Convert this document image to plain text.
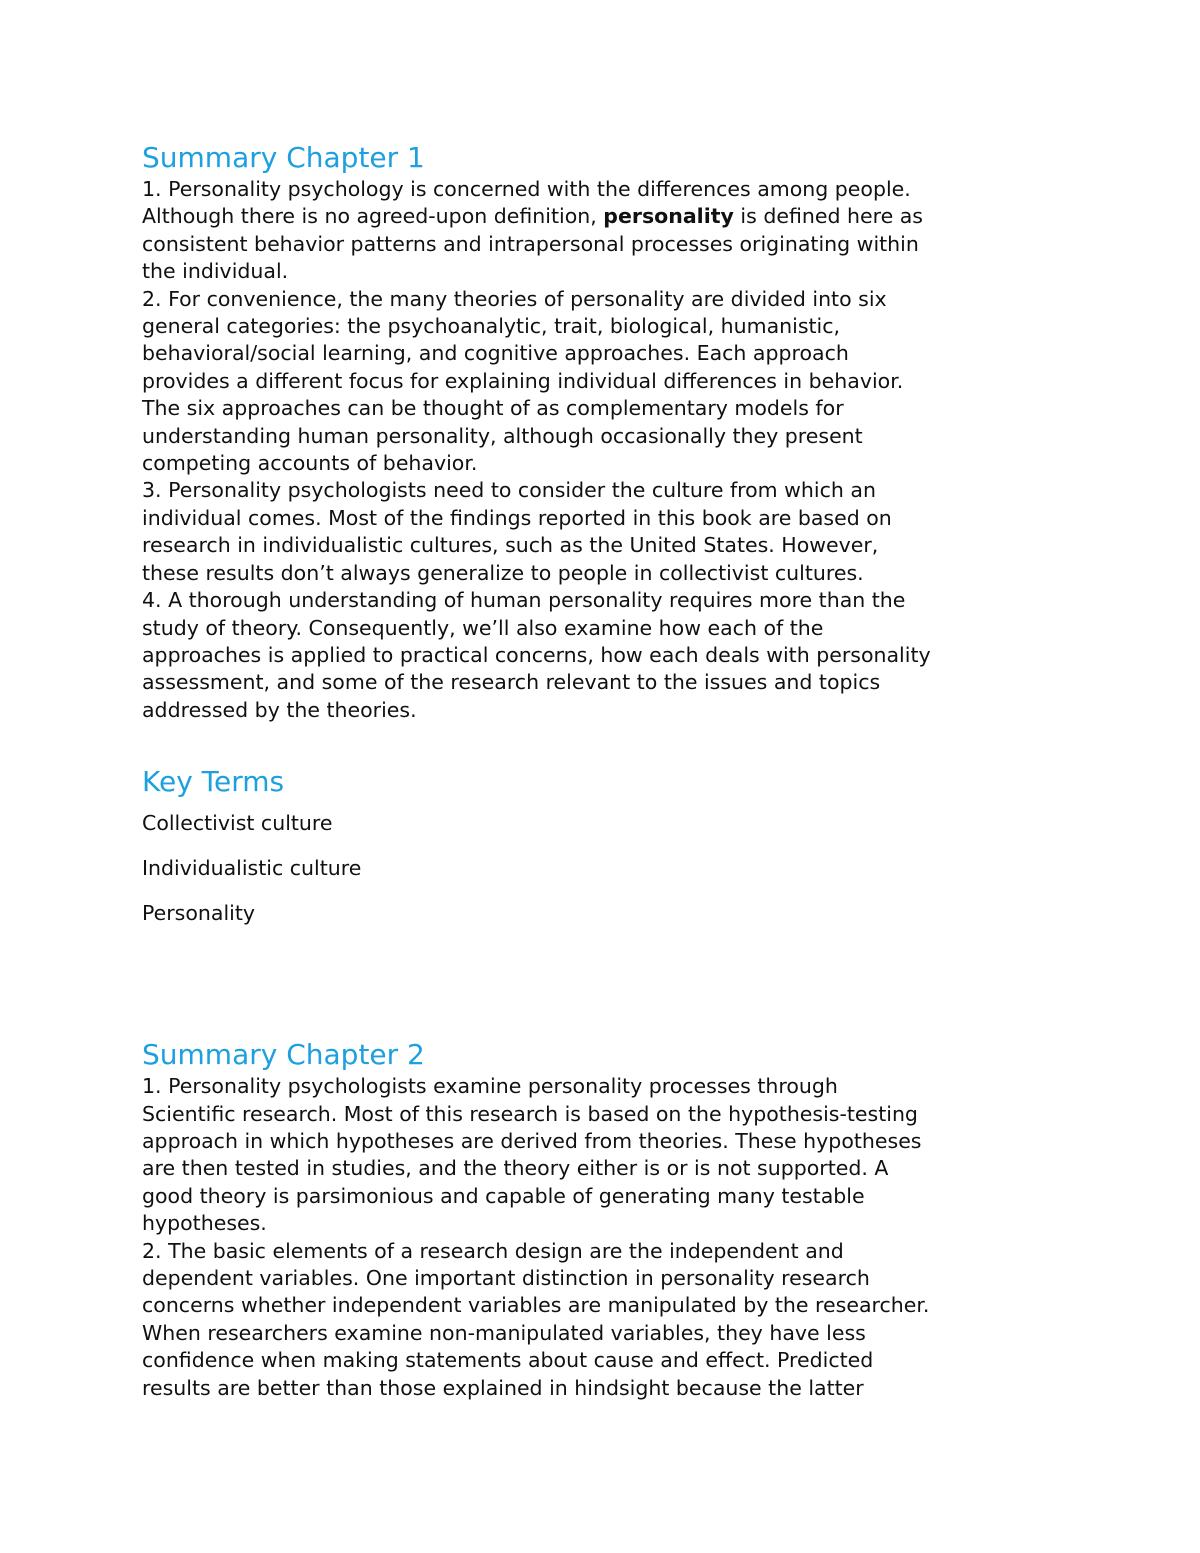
Summary Chapter 1
1. Personality psychology is concerned with the differences among people.
Although there is no agreed-upon definition, personality is defined here as
consistent behavior patterns and intrapersonal processes originating within
the individual.
2. For convenience, the many theories of personality are divided into six
general categories: the psychoanalytic, trait, biological, humanistic,
behavioral/social learning, and cognitive approaches. Each approach
provides a different focus for explaining individual differences in behavior.
The six approaches can be thought of as complementary models for
understanding human personality, although occasionally they present
competing accounts of behavior.
3. Personality psychologists need to consider the culture from which an
individual comes. Most of the findings reported in this book are based on
research in individualistic cultures, such as the United States. However,
these results don’t always generalize to people in collectivist cultures.
4. A thorough understanding of human personality requires more than the
study of theory. Consequently, we’ll also examine how each of the
approaches is applied to practical concerns, how each deals with personality
assessment, and some of the research relevant to the issues and topics
addressed by the theories.
Key Terms

Collectivist culture

Individualistic culture

Personality

Summary Chapter 2
1. Personality psychologists examine personality processes through
Scientific research. Most of this research is based on the hypothesis-testing
approach in which hypotheses are derived from theories. These hypotheses
are then tested in studies, and the theory either is or is not supported. A
good theory is parsimonious and capable of generating many testable
hypotheses.
2. The basic elements of a research design are the independent and
dependent variables. One important distinction in personality research
concerns whether independent variables are manipulated by the researcher.
When researchers examine non-manipulated variables, they have less
confidence when making statements about cause and effect. Predicted
results are better than those explained in hindsight because the latter
